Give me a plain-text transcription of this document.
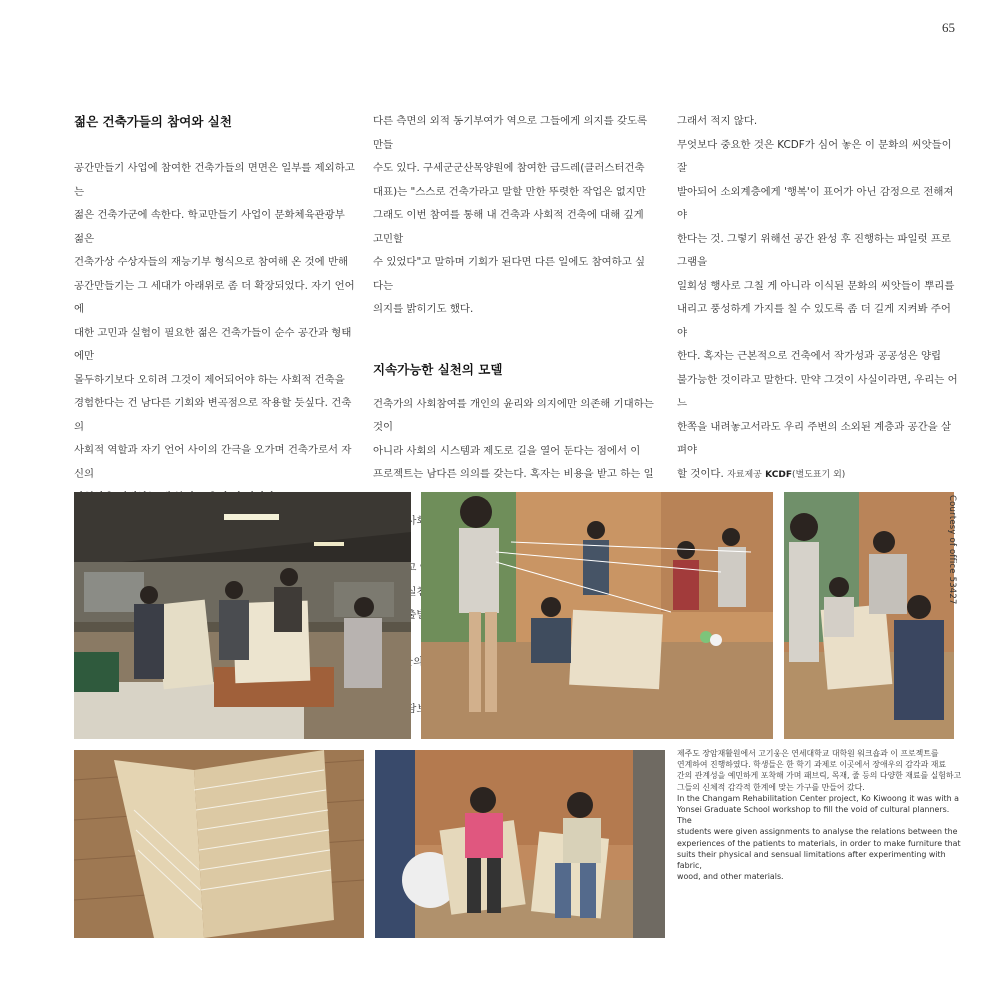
65
젊은 건축가들의 참여와 실천

공간만들기 사업에 참여한 건축가들의 면면은 일부를 제외하고는

젊은 건축가군에 속한다. 학교만들기 사업이 문화체육관광부 젊은

건축가상 수상자들의 재능기부 형식으로 참여해 온 것에 반해

공간만들기는 그 세대가 아래위로 좀 더 확장되었다. 자기 언어에

대한 고민과 실험이 필요한 젊은 건축가들이 순수 공간과 형태에만

몰두하기보다 오히려 그것이 제어되어야 하는 사회적 건축을

경험한다는 건 남다른 기회와 변곡점으로 작용할 듯싶다. 건축의

사회적 역할과 자기 언어 사이의 간극을 오가며 건축가로서 자신의

다른 측면의 외적 동기부여가 역으로 그들에게 의지를 갖도록 만들

수도 있다. 구세군군산목양원에 참여한 급드레(클러스터건축

대표)는 "스스로 건축가라고 말할 만한 뚜렷한 작업은 없지만

그래도 이번 참여를 통해 내 건축과 사회적 건축에 대해 깊게 고민할

수 있었다"고 말하며 기회가 된다면 다른 일에도 참여하고 싶다는

의지를 밝히기도 했다.

지속가능한 실천의 모델

건축가의 사회참여를 개인의 윤리와 의지에만 의존해 기대하는 것이

아니라 사회의 시스템과 제도로 길을 열어 둔다는 점에서 이

프로젝트는 남다른 의의를 갖는다. 혹자는 비용을 받고 하는 일

실천

그래서 적지 않다.

무엇보다 중요한 것은 KCDF가 심어 놓은 이 문화의 씨앗들이 잘

발아되어 소외계층에게 '행복'이 표어가 아닌 감정으로 전해져야

한다는 것. 그렇기 위해선 공간 완성 후 진행하는 파일럿 프로그램을

일회성 행사로 그칠 게 아니라 이식된 문화의 씨앗들이 뿌리를

내리고 풍성하게 가지를 칠 수 있도록 좀 더 길게 지켜봐 주어야

한다. 혹자는 근본적으로 건축에서 작가성과 공공성은 양립

불가능한 것이라고 말한다. 만약 그것이 사실이라면, 우리는 어느

한쪽을 내려놓고서라도 우리 주변의 소외된 계층과 공간을 살펴야

할 것이다. 자료제공 KCDF(별도표기 외)

Courtesy of office 53427

제주도 장암재활원에서 고기웅은 연세대학교 대학원 워크숍과 이 프로젝트를

연계하여 진행하였다. 학생들은 한 학기 과제로 이곳에서 장애우의 감각과 재료

간의 관계성을 예민하게 포착해 가며 패브릭, 목재, 줄 등의 다양한 재료를 실험하고

그들의 신체적 감각적 한계에 맞는 가구를 만들어 갔다.

In the Changam Rehabilitation Center project, Ko Kiwoong it was with a

Yonsei Graduate School workshop to fill the void of cultural planners. The

students were given assignments to analyse the relations between the

experiences of the patients to materials, in order to make furniture that

suits their physical and sensual limitations after experimenting with fabric,

wood, and other materials.
